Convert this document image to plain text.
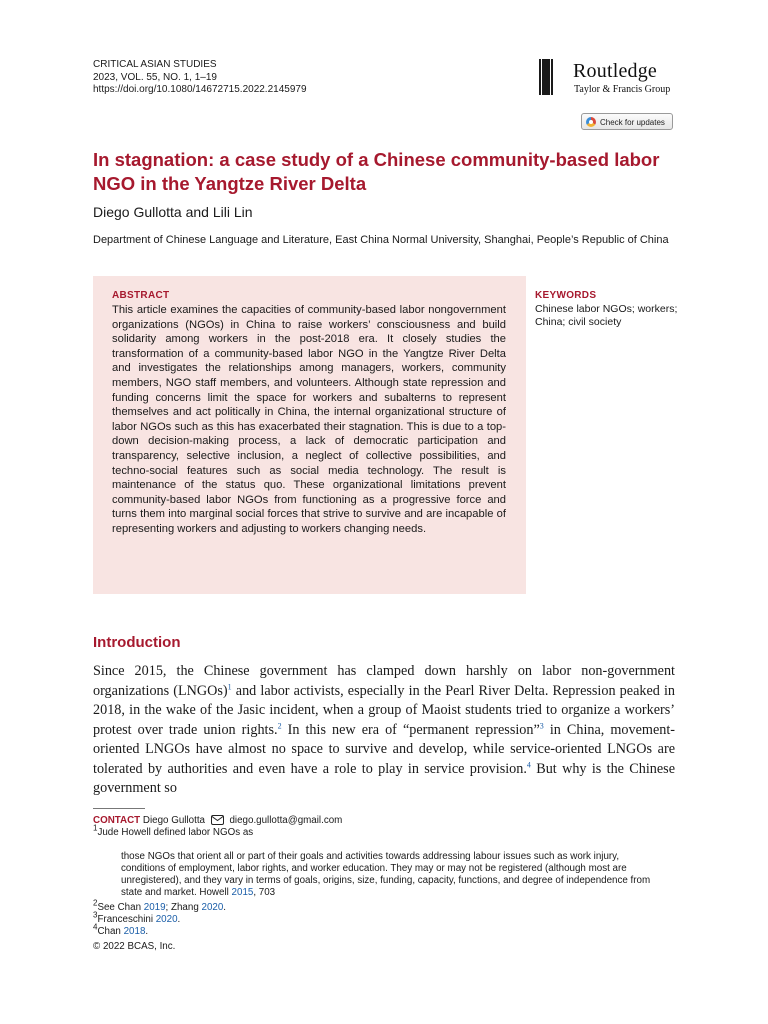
CRITICAL ASIAN STUDIES
2023, VOL. 55, NO. 1, 1–19
https://doi.org/10.1080/14672715.2022.2145979
Routledge
Taylor & Francis Group
Check for updates
In stagnation: a case study of a Chinese community-based labor NGO in the Yangtze River Delta
Diego Gullotta and Lili Lin
Department of Chinese Language and Literature, East China Normal University, Shanghai, People’s Republic of China
ABSTRACT
This article examines the capacities of community-based labor nongovernment organizations (NGOs) in China to raise workers’ consciousness and build solidarity among workers in the post-2018 era. It closely studies the transformation of a community-based labor NGO in the Yangtze River Delta and investigates the relationships among managers, workers, community members, NGO staff members, and volunteers. Although state repression and funding concerns limit the space for workers and subalterns to represent themselves and act politically in China, the internal organizational structure of labor NGOs such as this has exacerbated their stagnation. This is due to a top-down decision-making process, a lack of democratic participation and transparency, selective inclusion, a neglect of collective possibilities, and techno-social features such as social media technology. The result is maintenance of the status quo. These organizational limitations prevent community-based labor NGOs from functioning as a progressive force and turns them into marginal social forces that strive to survive and are incapable of representing workers and adjusting to workers changing needs.
KEYWORDS
Chinese labor NGOs; workers; China; civil society
Introduction
Since 2015, the Chinese government has clamped down harshly on labor non-government organizations (LNGOs)$^1$ and labor activists, especially in the Pearl River Delta. Repression peaked in 2018, in the wake of the Jasic incident, when a group of Maoist students tried to organize a workers’ protest over trade union rights.$^2$ In this new era of “permanent repression”$^3$ in China, movement-oriented LNGOs have almost no space to survive and develop, while service-oriented LNGOs are tolerated by authorities and even have a role to play in service provision.$^4$ But why is the Chinese government so
CONTACT Diego Gullotta diego.gullotta@gmail.com
$^1$Jude Howell defined labor NGOs as
those NGOs that orient all or part of their goals and activities towards addressing labour issues such as work injury, conditions of employment, labor rights, and worker education. They may or may not be registered (although most are unregistered), and they vary in terms of goals, origins, size, funding, capacity, functions, and degree of independence from state and market. Howell 2015, 703
$^2$See Chan 2019; Zhang 2020.
$^3$Franceschini 2020.
$^4$Chan 2018.
© 2022 BCAS, Inc.
